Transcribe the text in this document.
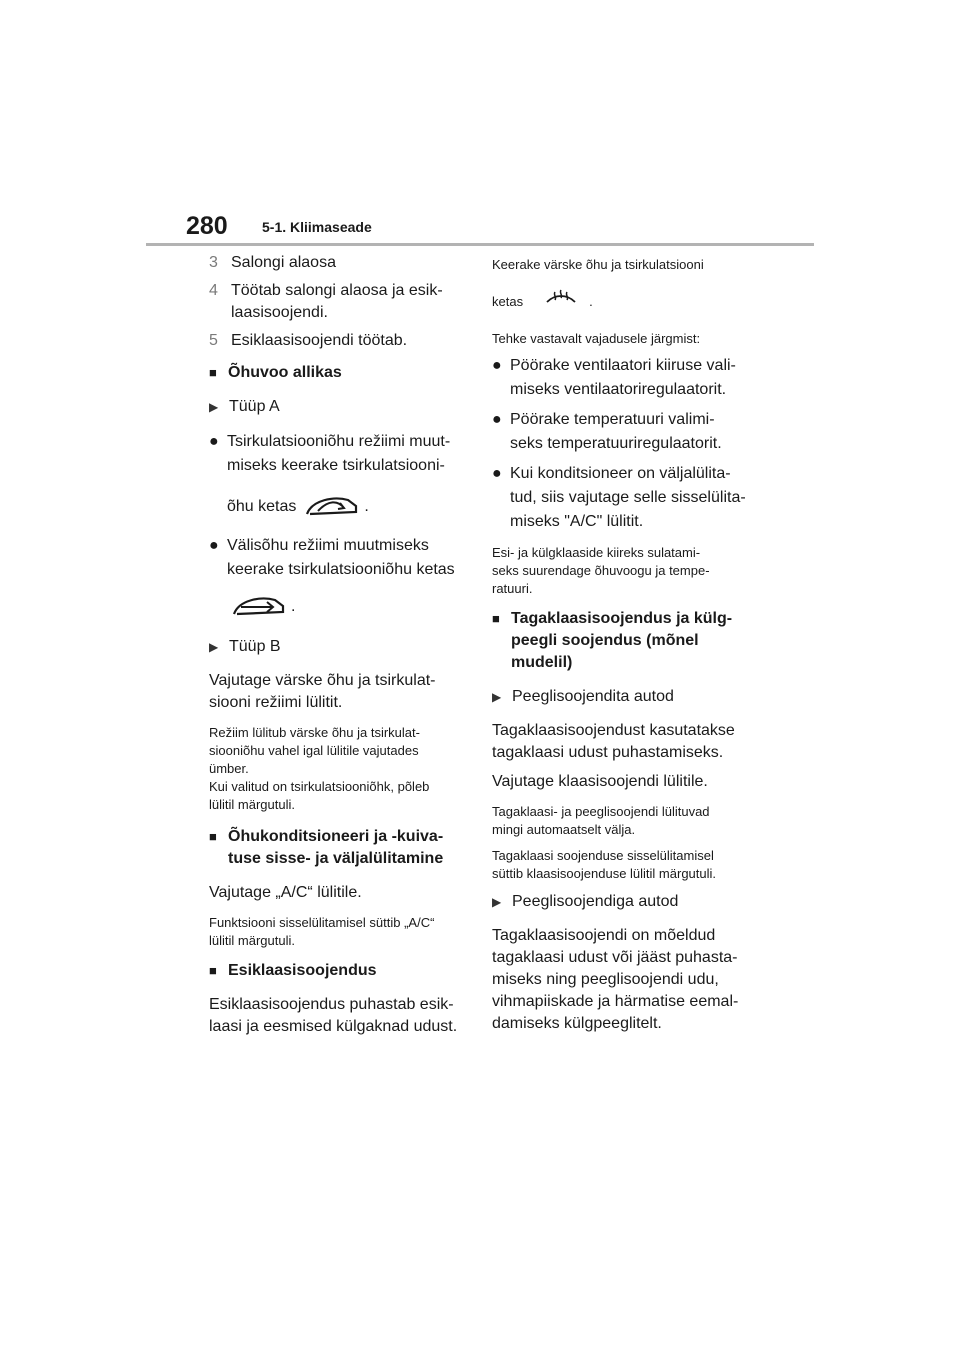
280 5-1. Kliimaseade
3 Salongi alaosa
4 Töötab salongi alaosa ja esik-
laasisoojendi.
5 Esiklaasisoojendi töötab.
■ Õhuvoo allikas
▶ Tüüp A
● Tsirkulatsiooniõhu režiimi muut-
miseks keerake tsirkulatsiooni-
õhu ketas	.
● Välisõhu režiimi muutmiseks
keerake tsirkulatsiooniõhu ketas
.
▶ Tüüp B

Vajutage värske õhu ja tsirkulat-
siooni režiimi lülitit.

Režiim lülitub värske õhu ja tsirkulat-
siooniõhu vahel igal lülitile vajutades
ümber.
Kui valitud on tsirkulatsiooniõhk, põleb
lülitil märgutuli.

■ Õhukonditsioneeri ja -kuiva-
tuse sisse- ja väljalülitamine

Vajutage „A/C“ lülitile.

Funktsiooni sisselülitamisel süttib „A/C“
lülitil märgutuli.

■ Esiklaasisoojendus

Esiklaasisoojendus puhastab esik-
laasi ja eesmised külgaknad udust.

Keerake värske õhu ja tsirkulatsiooni

ketas	.

Tehke vastavalt vajadusele järgmist:

● Pöörake ventilaatori kiiruse vali-
miseks ventilaatoriregulaatorit.
● Pöörake temperatuuri valimi-
seks temperatuuriregulaatorit.
● Kui konditsioneer on väljalülita-
tud, siis vajutage selle sisselülita-
miseks "A/C" lülitit.

Esi- ja külgklaaside kiireks sulatami-
seks suurendage õhuvoogu ja tempe-
ratuuri.

■ Tagaklaasisoojendus ja külg-
peegli soojendus (mõnel
mudelil)
▶ Peeglisoojendita autod

Tagaklaasisoojendust kasutatakse
tagaklaasi udust puhastamiseks.

Vajutage klaasisoojendi lülitile.

Tagaklaasi- ja peeglisoojendi lülituvad
mingi automaatselt välja.

Tagaklaasi soojenduse sisselülitamisel
süttib klaasisoojenduse lülitil märgutuli.

▶ Peeglisoojendiga autod

Tagaklaasisoojendi on mõeldud
tagaklaasi udust või jääst puhasta-
miseks ning peeglisoojendi udu,
vihmapiiskade ja härmatise eemal-
damiseks külgpeeglitelt.
